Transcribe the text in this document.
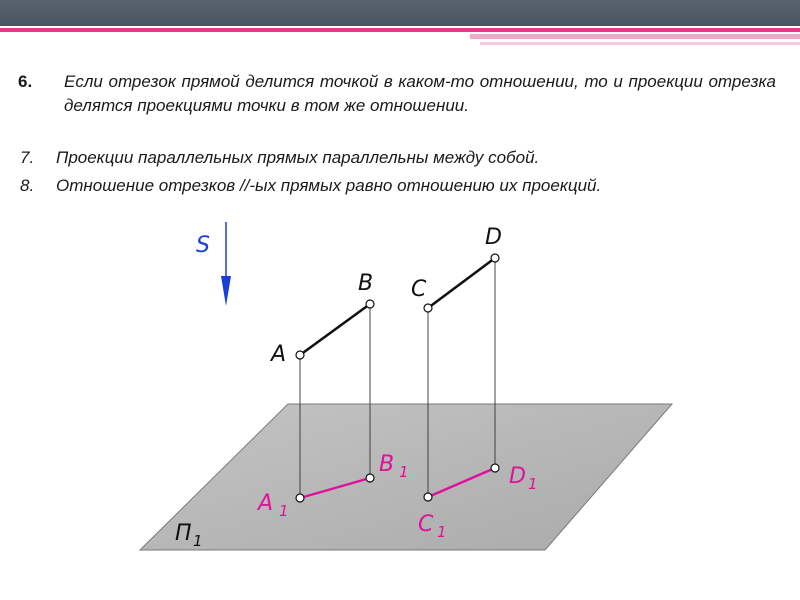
6. Если отрезок прямой делится точкой в каком-то отношении, то и проекции отрезка делятся проекциями точки в том же отношении.
7. Проекции параллельных прямых параллельны между собой.
8. Отношение отрезков //-ых прямых равно отношению их проекций.
S
A
B C
D
A 1
B 1
C 1
D 1
П 1
